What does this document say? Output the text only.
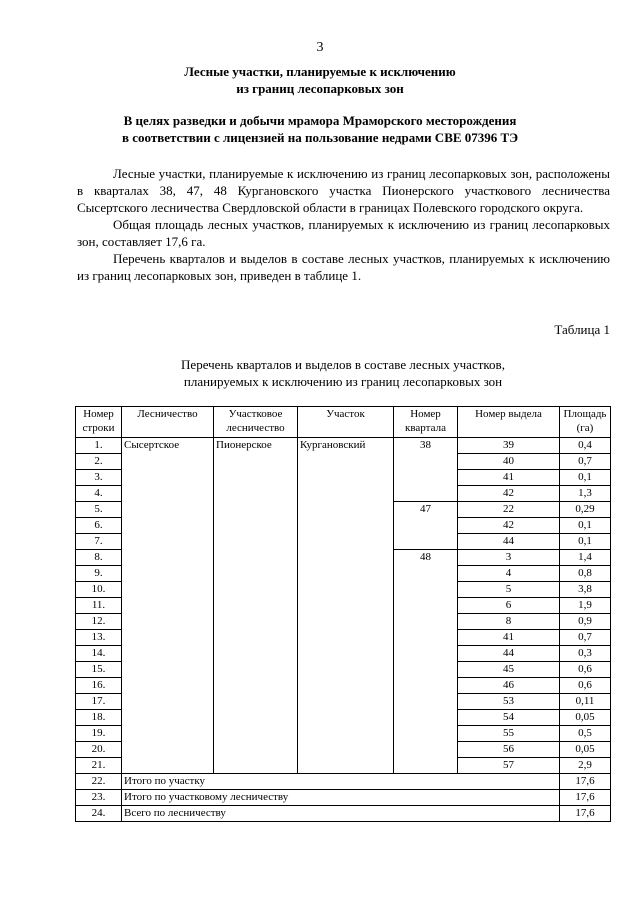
3
Лесные участки, планируемые к исключению
из границ лесопарковых зон
В целях разведки и добычи мрамора Мраморского месторождения
в соответствии с лицензией на пользование недрами СВЕ 07396 ТЭ

Лесные участки, планируемые к исключению из границ лесопарковых зон, расположены в кварталах 38, 47, 48 Кургановского участка Пионерского участкового лесничества Сысертского лесничества Свердловской области в границах Полевского городского округа.

Общая площадь лесных участков, планируемых к исключению из границ лесопарковых зон, составляет 17,6 га.

Перечень кварталов и выделов в составе лесных участков, планируемых к исключению из границ лесопарковых зон, приведен в таблице 1.

Таблица 1
Перечень кварталов и выделов в составе лесных участков,
планируемых к исключению из границ лесопарковых зон
Номер строки	Лесничество	Участковое лесничество	Участок	Номер квартала	Номер выдела	Площадь (га)
1.	Сысертское	Пионерское	Кургановский	38	39	0,4
2.					40	0,7
3.					41	0,1
4.					42	1,3
5.				47	22	0,29
6.					42	0,1
7.					44	0,1
8.				48	3	1,4
9.					4	0,8
10.					5	3,8
11.					6	1,9
12.					8	0,9
13.					41	0,7
14.					44	0,3
15.					45	0,6
16.					46	0,6
17.					53	0,11
18.					54	0,05
19.					55	0,5
20.					56	0,05
21.					57	2,9
22.	Итого по участку					17,6
23.	Итого по участковому лесничеству					17,6
24.	Всего по лесничеству					17,6
